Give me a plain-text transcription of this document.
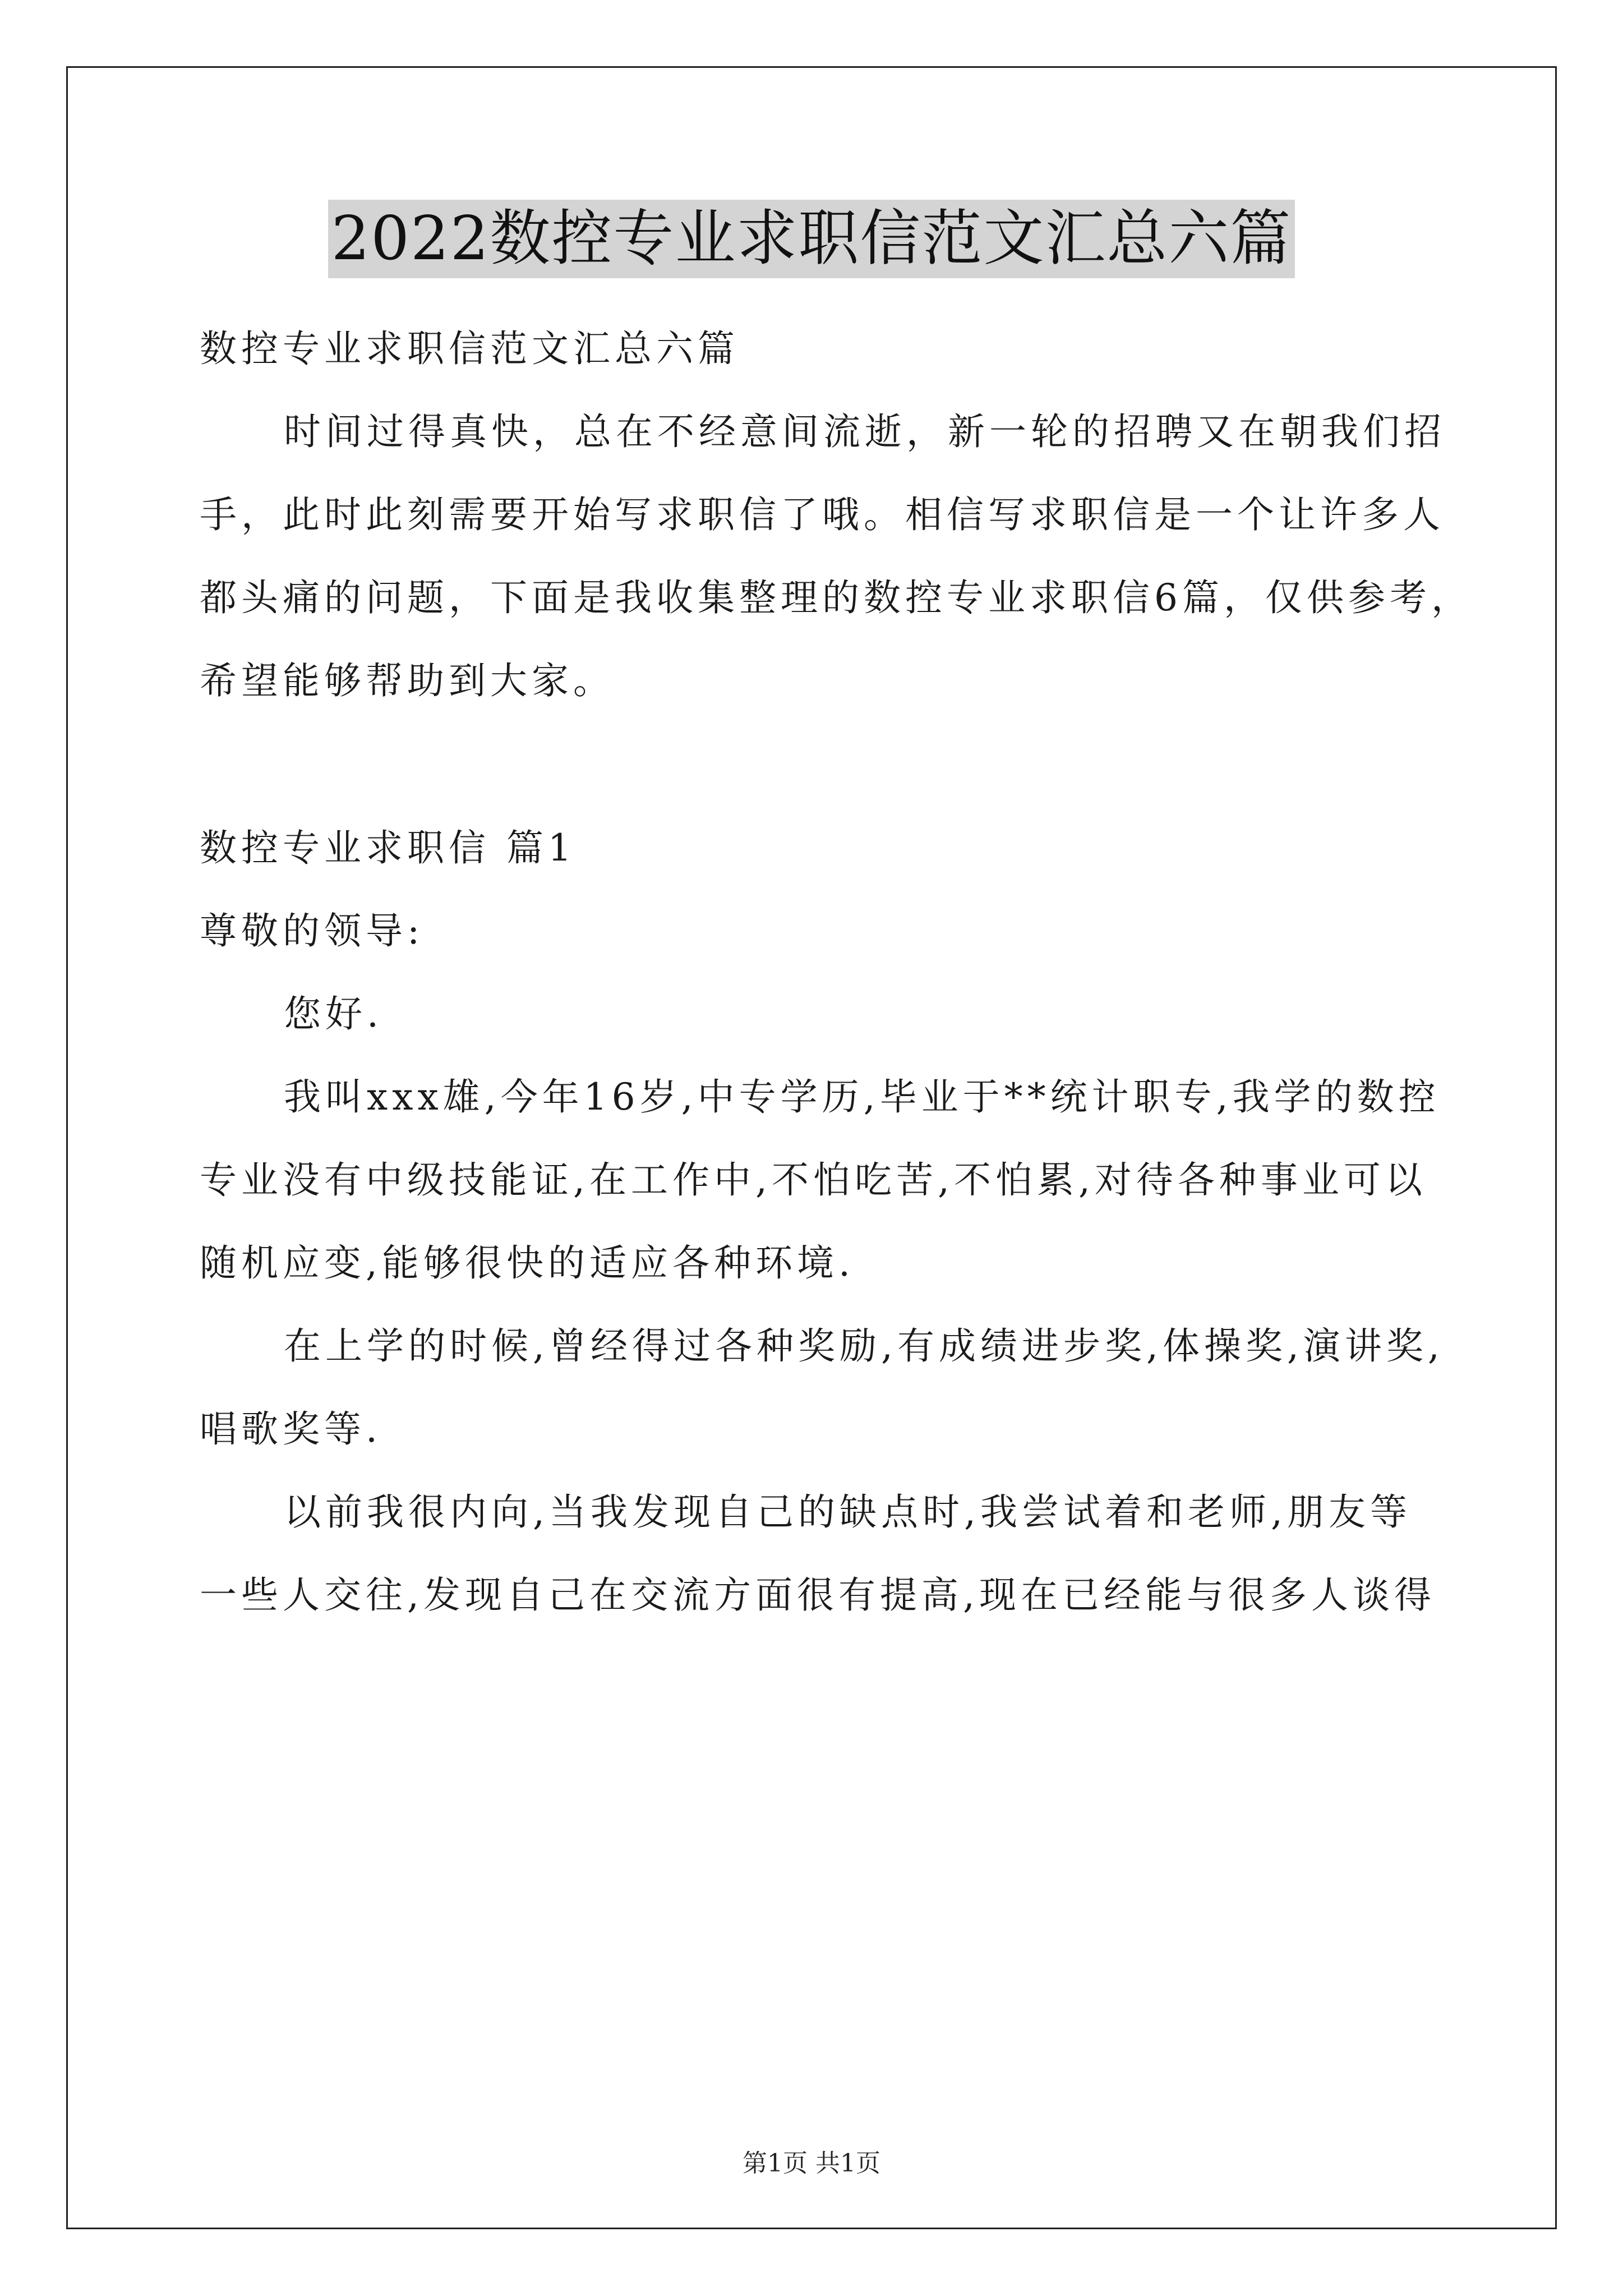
2022数控专业求职信范文汇总六篇

数控专业求职信范文汇总六篇

时间过得真快，总在不经意间流逝，新一轮的招聘又在朝我们招

手，此时此刻需要开始写求职信了哦。相信写求职信是一个让许多人

都头痛的问题，下面是我收集整理的数控专业求职信6篇，仅供参考，

希望能够帮助到大家。

数控专业求职信 篇1

尊敬的领导:

您好.

我叫xxx雄,今年16岁,中专学历,毕业于**统计职专,我学的数控

专业没有中级技能证,在工作中,不怕吃苦,不怕累,对待各种事业可以

随机应变,能够很快的适应各种环境.

在上学的时候,曾经得过各种奖励,有成绩进步奖,体操奖,演讲奖,

唱歌奖等.

以前我很内向,当我发现自己的缺点时,我尝试着和老师,朋友等

一些人交往,发现自己在交流方面很有提高,现在已经能与很多人谈得

第1页 共1页
